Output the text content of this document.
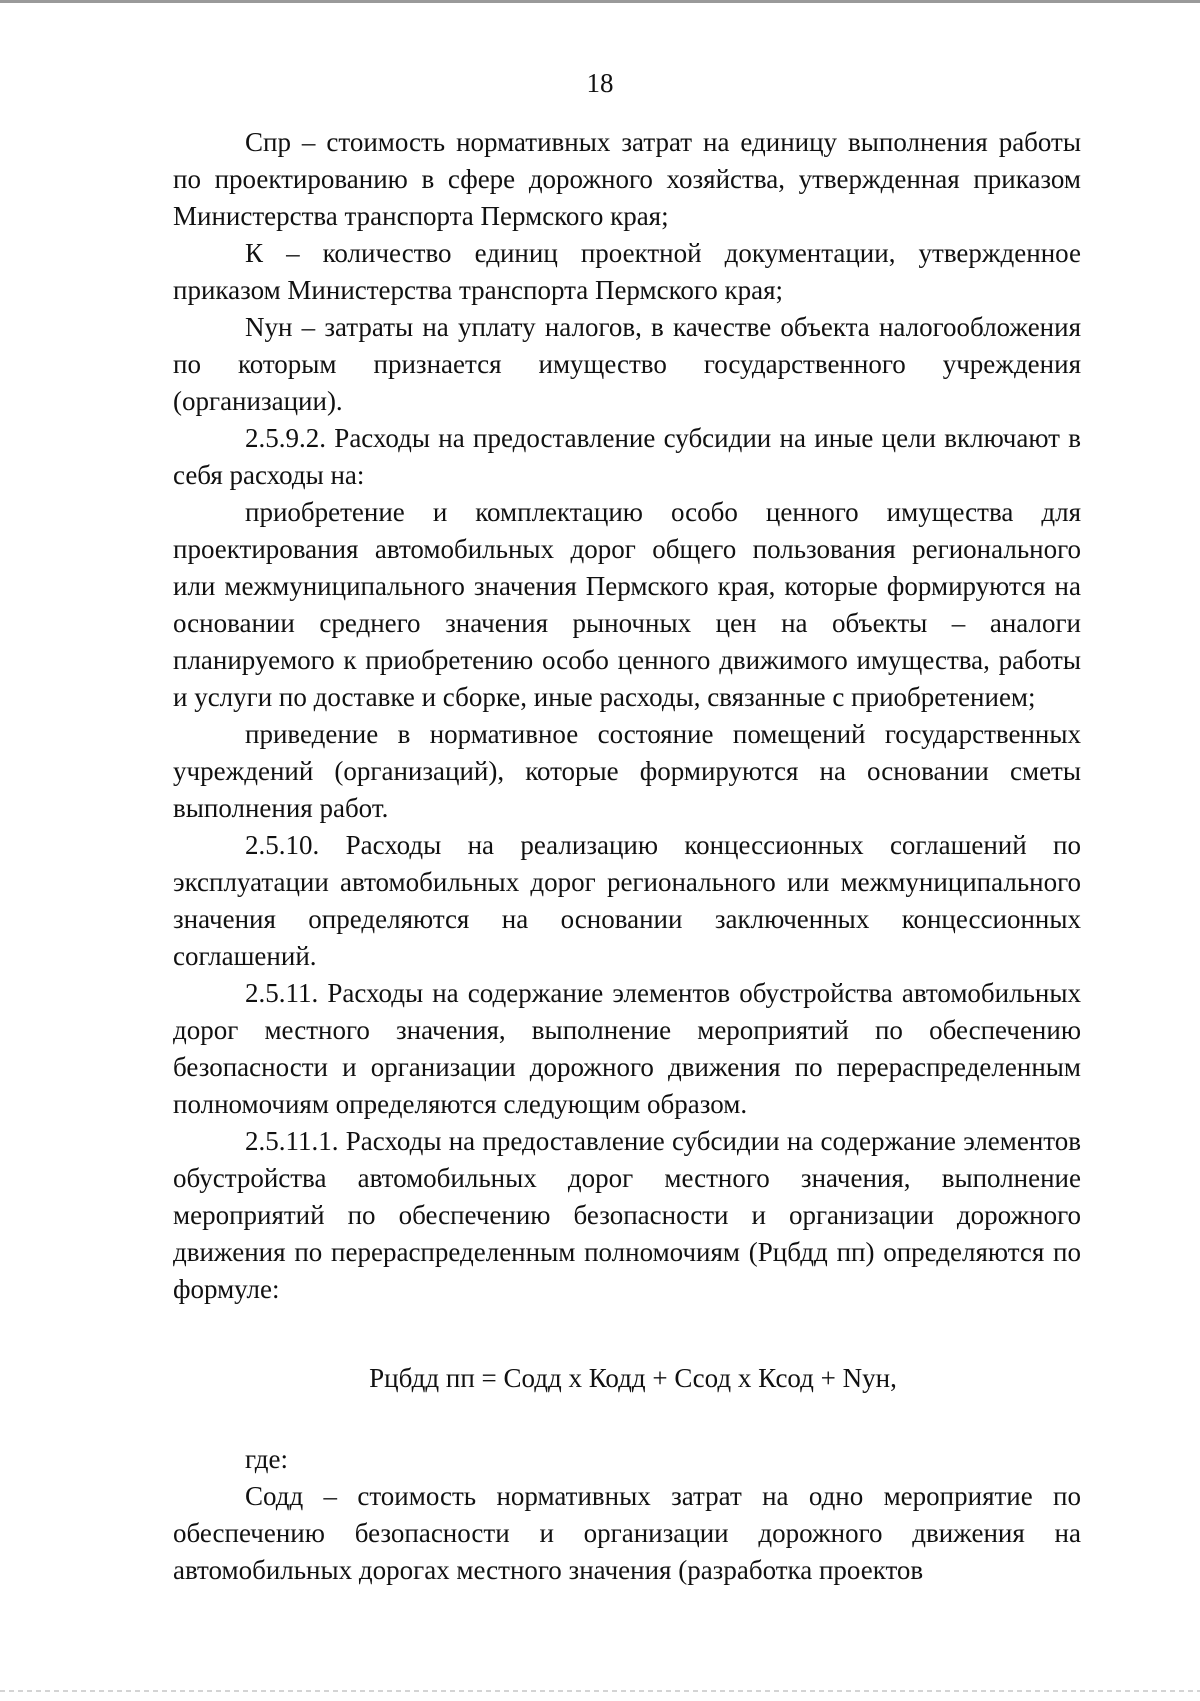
18

Спр – стоимость нормативных затрат на единицу выполнения работы по проектированию в сфере дорожного хозяйства, утвержденная приказом Министерства транспорта Пермского края;

К – количество единиц проектной документации, утвержденное приказом Министерства транспорта Пермского края;

Nун – затраты на уплату налогов, в качестве объекта налогообложения по которым признается имущество государственного учреждения (организации).

2.5.9.2. Расходы на предоставление субсидии на иные цели включают в себя расходы на:

приобретение и комплектацию особо ценного имущества для проектирования автомобильных дорог общего пользования регионального или межмуниципального значения Пермского края, которые формируются на основании среднего значения рыночных цен на объекты – аналоги планируемого к приобретению особо ценного движимого имущества, работы и услуги по доставке и сборке, иные расходы, связанные с приобретением;

приведение в нормативное состояние помещений государственных учреждений (организаций), которые формируются на основании сметы выполнения работ.

2.5.10. Расходы на реализацию концессионных соглашений по эксплуатации автомобильных дорог регионального или межмуниципального значения определяются на основании заключенных концессионных соглашений.

2.5.11. Расходы на содержание элементов обустройства автомобильных дорог местного значения, выполнение мероприятий по обеспечению безопасности и организации дорожного движения по перераспределенным полномочиям определяются следующим образом.

2.5.11.1. Расходы на предоставление субсидии на содержание элементов обустройства автомобильных дорог местного значения, выполнение мероприятий по обеспечению безопасности и организации дорожного движения по перераспределенным полномочиям (Рцбдд пп) определяются по формуле:

Рцбдд пп = Содд х Кодд + Ссод х Ксод + Nун,

где:

Содд – стоимость нормативных затрат на одно мероприятие по обеспечению безопасности и организации дорожного движения на автомобильных дорогах местного значения (разработка проектов
